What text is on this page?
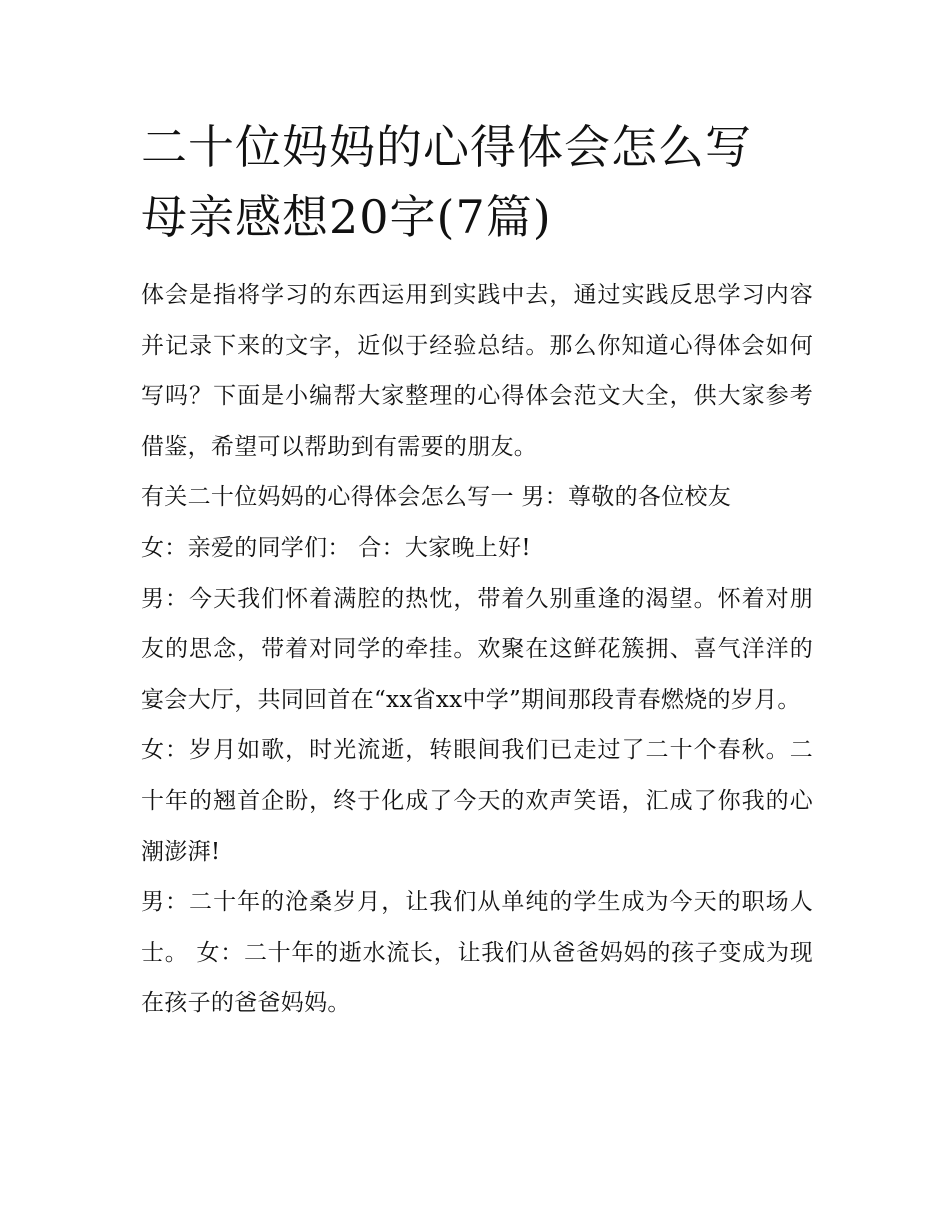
二十位妈妈的心得体会怎么写
母亲感想20字(7篇)

体会是指将学习的东西运用到实践中去，通过实践反思学习内容并记录下来的文字，近似于经验总结。那么你知道心得体会如何写吗？下面是小编帮大家整理的心得体会范文大全，供大家参考借鉴，希望可以帮助到有需要的朋友。

有关二十位妈妈的心得体会怎么写一 男：尊敬的各位校友

女：亲爱的同学们： 合：大家晚上好!

男：今天我们怀着满腔的热忱，带着久别重逢的渴望。怀着对朋友的思念，带着对同学的牵挂。欢聚在这鲜花簇拥、喜气洋洋的宴会大厅，共同回首在“xx省xx中学”期间那段青春燃烧的岁月。

女：岁月如歌，时光流逝，转眼间我们已走过了二十个春秋。二十年的翘首企盼，终于化成了今天的欢声笑语，汇成了你我的心潮澎湃!

男：二十年的沧桑岁月，让我们从单纯的学生成为今天的职场人士。 女：二十年的逝水流长，让我们从爸爸妈妈的孩子变成为现在孩子的爸爸妈妈。
